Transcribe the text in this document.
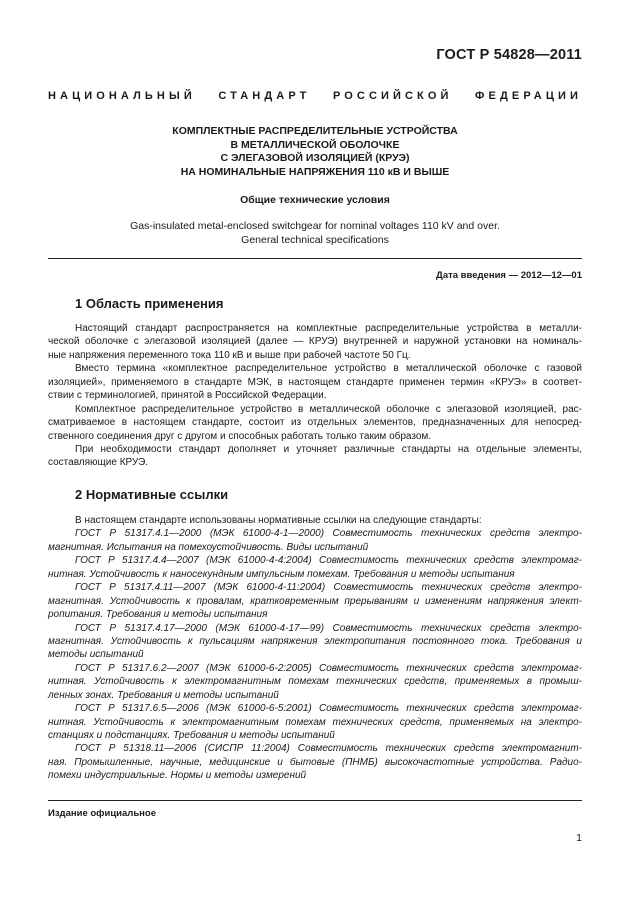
ГОСТ Р 54828—2011
НАЦИОНАЛЬНЫЙ СТАНДАРТ РОССИЙСКОЙ ФЕДЕРАЦИИ
КОМПЛЕКТНЫЕ РАСПРЕДЕЛИТЕЛЬНЫЕ УСТРОЙСТВА
В МЕТАЛЛИЧЕСКОЙ ОБОЛОЧКЕ
С ЭЛЕГАЗОВОЙ ИЗОЛЯЦИЕЙ (КРУЭ)
НА НОМИНАЛЬНЫЕ НАПРЯЖЕНИЯ 110 кВ И ВЫШЕ
Общие технические условия
Gas-insulated metal-enclosed switchgear for nominal voltages 110 kV and over.
General technical specifications
Дата введения — 2012—12—01
1 Область применения
Настоящий стандарт распространяется на комплектные распределительные устройства в металли-
ческой оболочке с элегазовой изоляцией (далее — КРУЭ) внутренней и наружной установки на номиналь-
ные напряжения переменного тока 110 кВ и выше при рабочей частоте 50 Гц.
Вместо термина «комплектное распределительное устройство в металлической оболочке с газовой
изоляцией», применяемого в стандарте МЭК, в настоящем стандарте применен термин «КРУЭ» в соответ-
ствии с терминологией, принятой в Российской Федерации.
Комплектное распределительное устройство в металлической оболочке с элегазовой изоляцией, рас-
сматриваемое в настоящем стандарте, состоит из отдельных элементов, предназначенных для непосред-
ственного соединения друг с другом и способных работать только таким образом.
При необходимости стандарт дополняет и уточняет различные стандарты на отдельные элементы,
составляющие КРУЭ.
2 Нормативные ссылки
В настоящем стандарте использованы нормативные ссылки на следующие стандарты:
ГОСТ Р 51317.4.1—2000 (МЭК 61000-4-1—2000) Совместимость технических средств электро-
магнитная. Испытания на помехоустойчивость. Виды испытаний
ГОСТ Р 51317.4.4—2007 (МЭК 61000-4-4:2004) Совместимость технических средств электромаг-
нитная. Устойчивость к наносекундным импульсным помехам. Требования и методы испытания
ГОСТ Р 51317.4.11—2007 (МЭК 61000-4-11:2004) Совместимость технических средств электро-
магнитная. Устойчивость к провалам, кратковременным прерываниям и изменениям напряжения элект-
ропитания. Требования и методы испытания
ГОСТ Р 51317.4.17—2000 (МЭК 61000-4-17—99) Совместимость технических средств электро-
магнитная. Устойчивость к пульсациям напряжения электропитания постоянного тока. Требования и
методы испытаний
ГОСТ Р 51317.6.2—2007 (МЭК 61000-6-2:2005) Совместимость технических средств электромаг-
нитная. Устойчивость к электромагнитным помехам технических средств, применяемых в промыш-
ленных зонах. Требования и методы испытаний
ГОСТ Р 51317.6.5—2006 (МЭК 61000-6-5:2001) Совместимость технических средств электромаг-
нитная. Устойчивость к электромагнитным помехам технических средств, применяемых на электро-
станциях и подстанциях. Требования и методы испытаний
ГОСТ Р 51318.11—2006 (СИСПР 11:2004) Совместимость технических средств электромагнит-
ная. Промышленные, научные, медицинские и бытовые (ПНМБ) высокочастотные устройства. Радио-
помехи индустриальные. Нормы и методы измерений
Издание официальное
1
